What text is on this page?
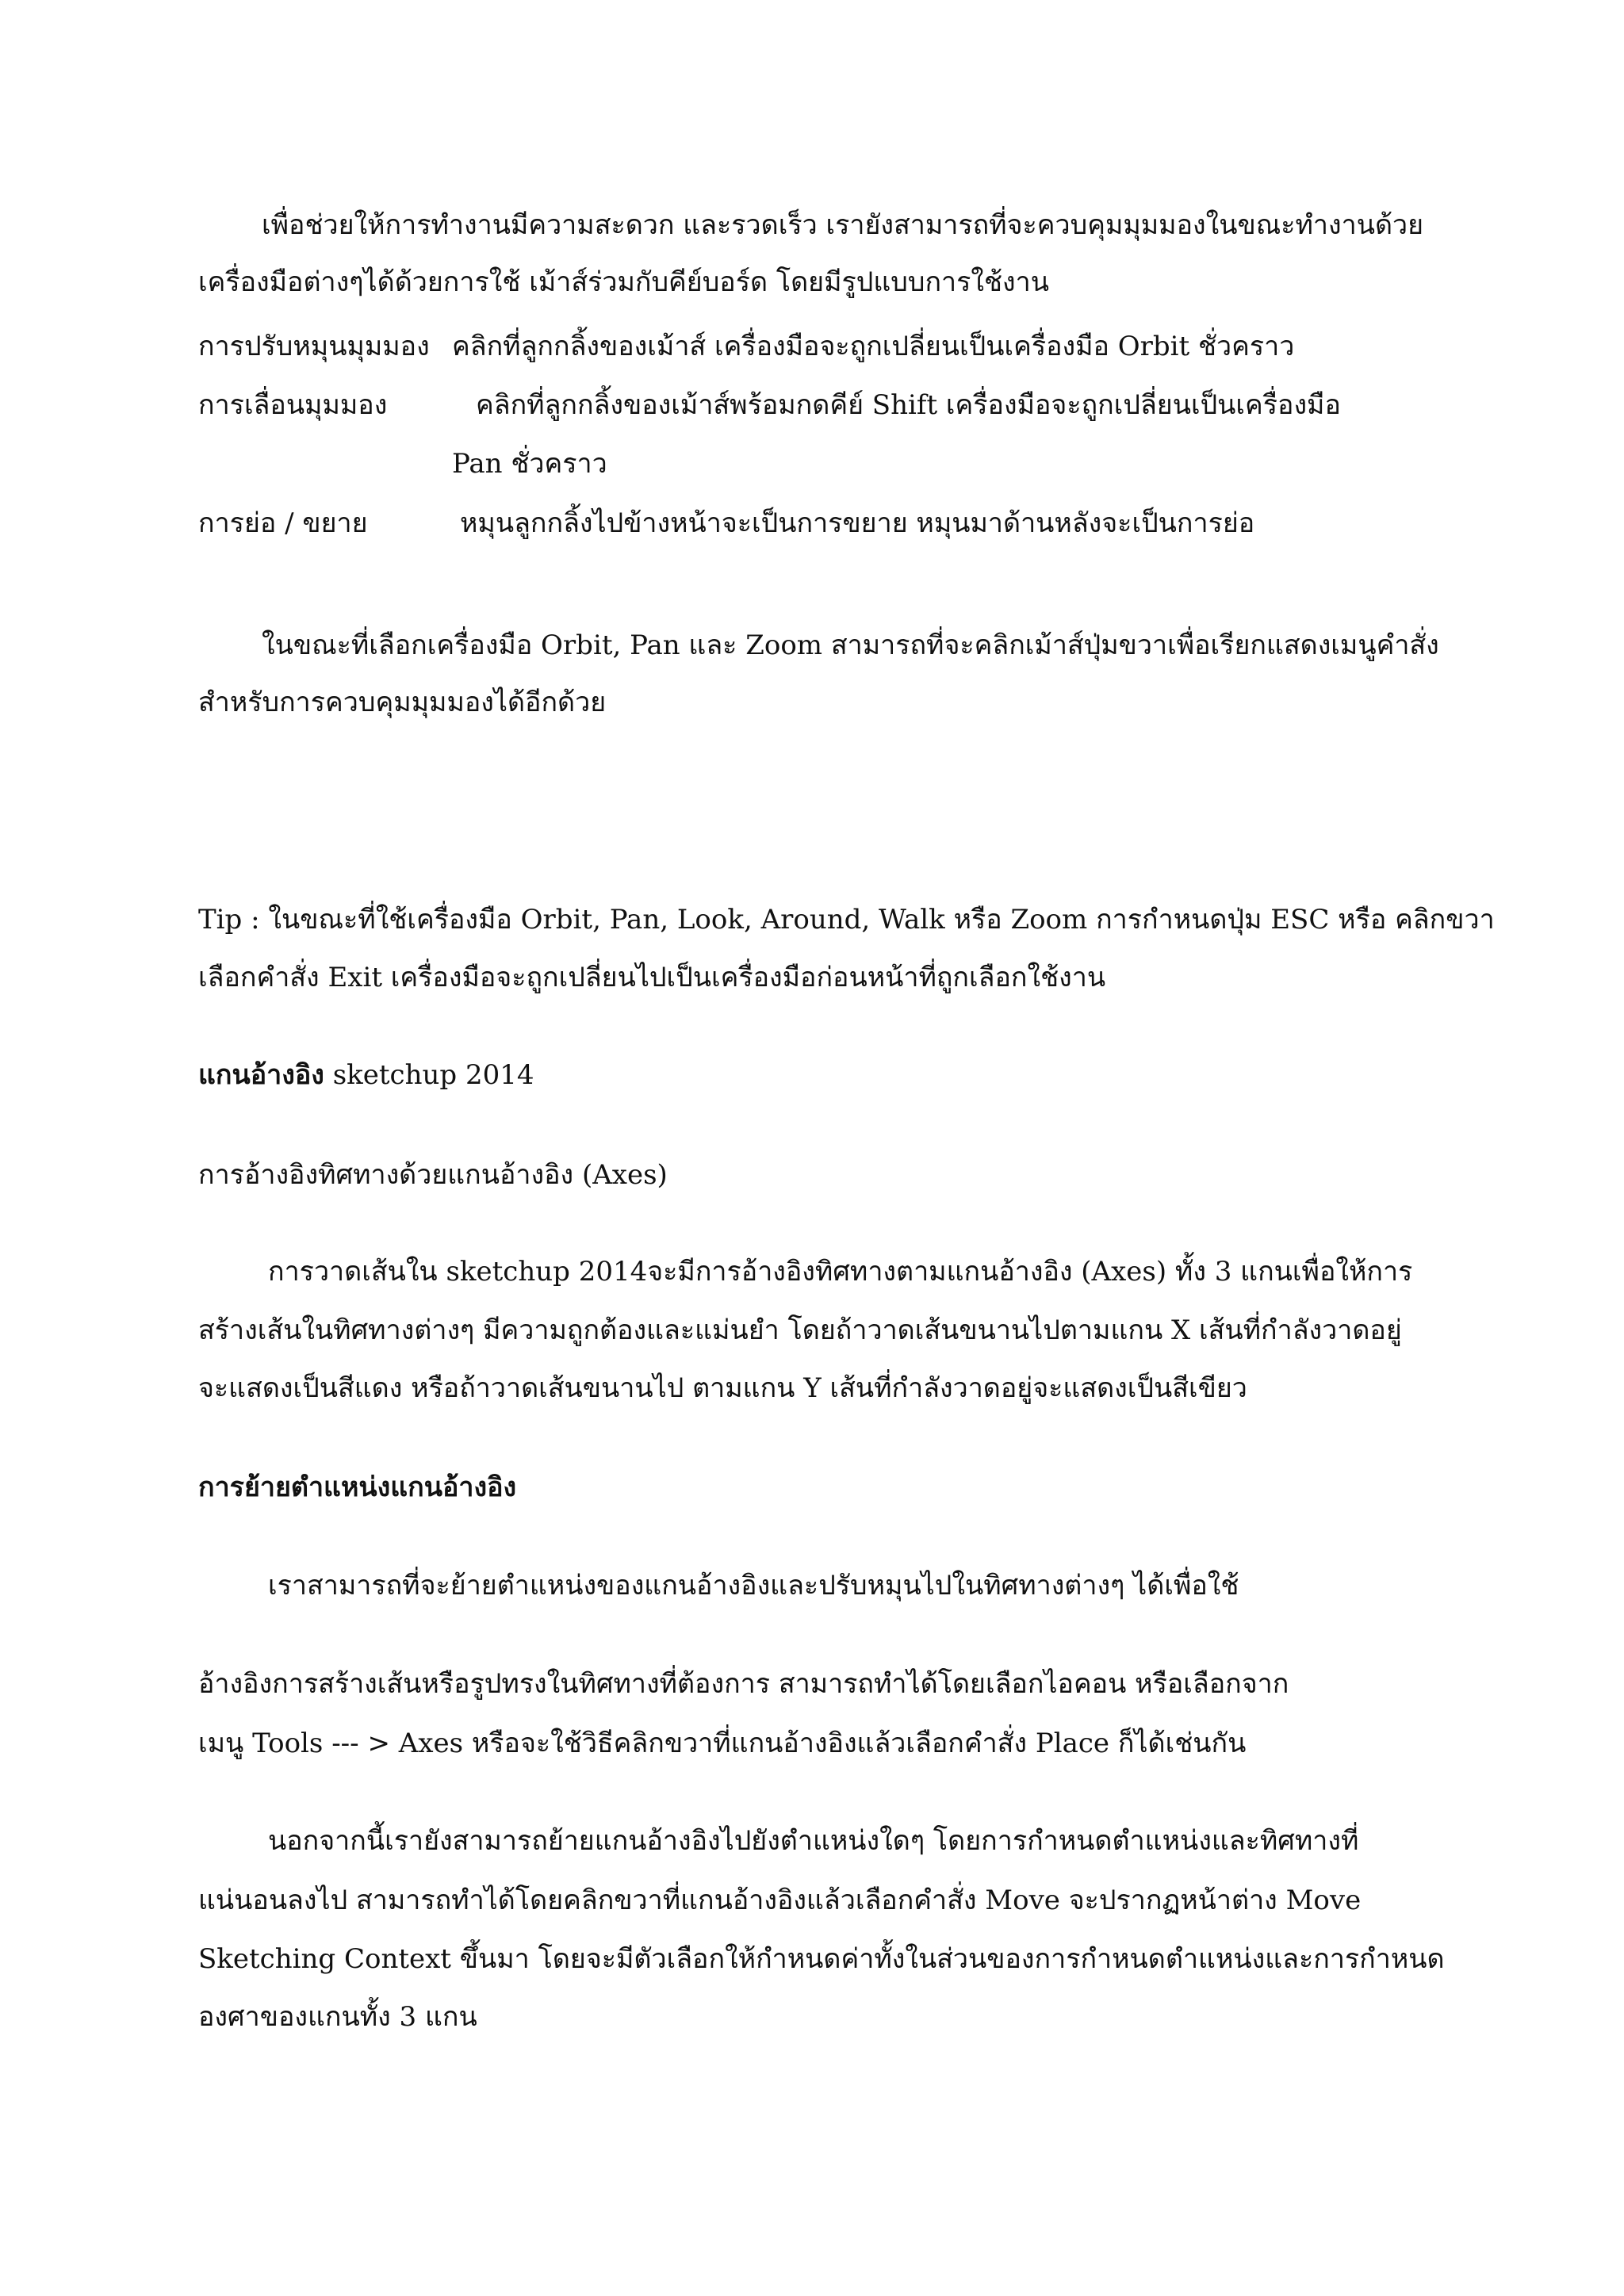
เพื่อช่วยให้การทำงานมีความสะดวก และรวดเร็ว เรายังสามารถที่จะควบคุมมุมมองในขณะทำงานด้วย
เครื่องมือต่างๆได้ด้วยการใช้ เม้าส์ร่วมกับคีย์บอร์ด โดยมีรูปแบบการใช้งาน
การปรับหมุนมุมมอง คลิกที่ลูกกลิ้งของเม้าส์ เครื่องมือจะถูกเปลี่ยนเป็นเครื่องมือ Orbit ชั่วคราว
การเลื่อนมุมมอง	คลิกที่ลูกกลิ้งของเม้าส์พร้อมกดคีย์ Shift เครื่องมือจะถูกเปลี่ยนเป็นเครื่องมือ
Pan ชั่วคราว
การย่อ / ขยาย	หมุนลูกกลิ้งไปข้างหน้าจะเป็นการขยาย หมุนมาด้านหลังจะเป็นการย่อ
ในขณะที่เลือกเครื่องมือ Orbit, Pan และ Zoom สามารถที่จะคลิกเม้าส์ปุ่มขวาเพื่อเรียกแสดงเมนูคำสั่ง
สำหรับการควบคุมมุมมองได้อีกด้วย
Tip : ในขณะที่ใช้เครื่องมือ Orbit, Pan, Look, Around, Walk หรือ Zoom การกำหนดปุ่ม ESC หรือ คลิกขวา
เลือกคำสั่ง Exit เครื่องมือจะถูกเปลี่ยนไปเป็นเครื่องมือก่อนหน้าที่ถูกเลือกใช้งาน
แกนอ้างอิง sketchup 2014
การอ้างอิงทิศทางด้วยแกนอ้างอิง (Axes)
การวาดเส้นใน sketchup 2014จะมีการอ้างอิงทิศทางตามแกนอ้างอิง (Axes) ทั้ง 3 แกนเพื่อให้การ
สร้างเส้นในทิศทางต่างๆ มีความถูกต้องและแม่นยำ โดยถ้าวาดเส้นขนานไปตามแกน X เส้นที่กำลังวาดอยู่
จะแสดงเป็นสีแดง หรือถ้าวาดเส้นขนานไป ตามแกน Y เส้นที่กำลังวาดอยู่จะแสดงเป็นสีเขียว
การย้ายตำแหน่งแกนอ้างอิง
เราสามารถที่จะย้ายตำแหน่งของแกนอ้างอิงและปรับหมุนไปในทิศทางต่างๆ ได้เพื่อใช้
อ้างอิงการสร้างเส้นหรือรูปทรงในทิศทางที่ต้องการ สามารถทำได้โดยเลือกไอคอน หรือเลือกจาก
เมนู Tools --- > Axes หรือจะใช้วิธีคลิกขวาที่แกนอ้างอิงแล้วเลือกคำสั่ง Place ก็ได้เช่นกัน
นอกจากนี้เรายังสามารถย้ายแกนอ้างอิงไปยังตำแหน่งใดๆ โดยการกำหนดตำแหน่งและทิศทางที่
แน่นอนลงไป สามารถทำได้โดยคลิกขวาที่แกนอ้างอิงแล้วเลือกคำสั่ง Move จะปรากฏหน้าต่าง Move
Sketching Context ขึ้นมา โดยจะมีตัวเลือกให้กำหนดค่าทั้งในส่วนของการกำหนดตำแหน่งและการกำหนด
องศาของแกนทั้ง 3 แกน
